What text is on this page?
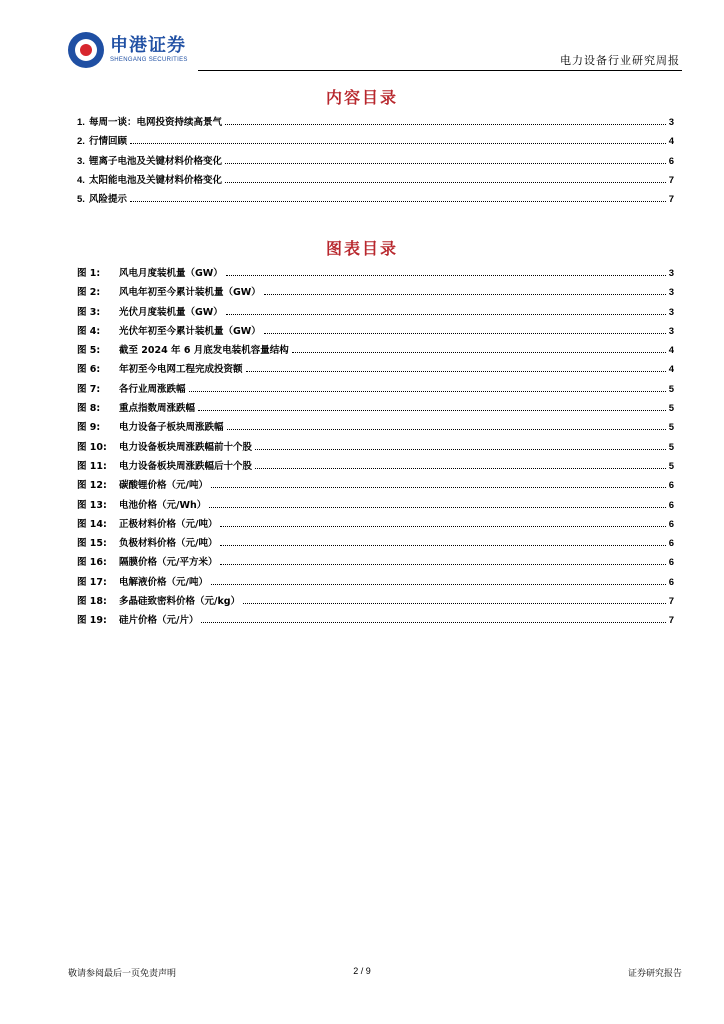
申港证券
SHENGANG SECURITIES	电力设备行业研究周报
内容目录
1. 每周一谈：电网投资持续高景气	3
2. 行情回顾	4
3. 锂离子电池及关键材料价格变化	6
4. 太阳能电池及关键材料价格变化	7
5. 风险提示	7
图表目录
图 1:	风电月度装机量（GW）	3
图 2:	风电年初至今累计装机量（GW）	3
图 3:	光伏月度装机量（GW）	3
图 4:	光伏年初至今累计装机量（GW）	3
图 5:	截至 2024 年 6 月底发电装机容量结构	4
图 6:	年初至今电网工程完成投资额	4
图 7:	各行业周涨跌幅	5
图 8:	重点指数周涨跌幅	5
图 9:	电力设备子板块周涨跌幅	5
图 10:	电力设备板块周涨跌幅前十个股	5
图 11:	电力设备板块周涨跌幅后十个股	5
图 12:	碳酸锂价格（元/吨）	6
图 13:	电池价格（元/Wh）	6
图 14:	正极材料价格（元/吨）	6
图 15:	负极材料价格（元/吨）	6
图 16:	隔膜价格（元/平方米）	6
图 17:	电解液价格（元/吨）	6
图 18:	多晶硅致密料价格（元/kg）	7
图 19:	硅片价格（元/片）	7
敬请参阅最后一页免责声明	2 / 9	证券研究报告
